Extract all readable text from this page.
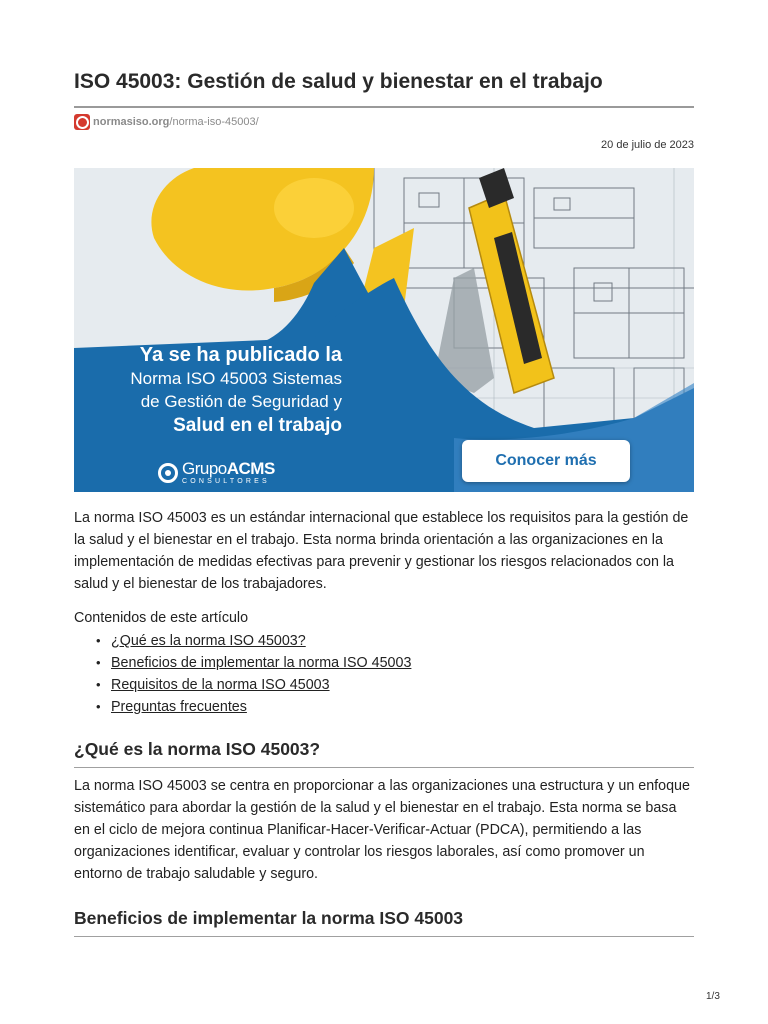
ISO 45003: Gestión de salud y bienestar en el trabajo
normasiso.org /norma-iso-45003/
20 de julio de 2023
Ya se ha publicado la
Norma ISO 45003 Sistemas
de Gestión de Seguridad y
Salud en el trabajo
GrupoACMS
CONSULTORES
Conocer más

La norma ISO 45003 es un estándar internacional que establece los requisitos para la gestión de la salud y el bienestar en el trabajo. Esta norma brinda orientación a las organizaciones en la implementación de medidas efectivas para prevenir y gestionar los riesgos relacionados con la salud y el bienestar de los trabajadores.

Contenidos de este artículo
• ¿Qué es la norma ISO 45003?
• Beneficios de implementar la norma ISO 45003
• Requisitos de la norma ISO 45003
• Preguntas frecuentes
¿Qué es la norma ISO 45003?

La norma ISO 45003 se centra en proporcionar a las organizaciones una estructura y un enfoque sistemático para abordar la gestión de la salud y el bienestar en el trabajo. Esta norma se basa en el ciclo de mejora continua Planificar-Hacer-Verificar-Actuar (PDCA), permitiendo a las organizaciones identificar, evaluar y controlar los riesgos laborales, así como promover un entorno de trabajo saludable y seguro.

Beneficios de implementar la norma ISO 45003
1/3
